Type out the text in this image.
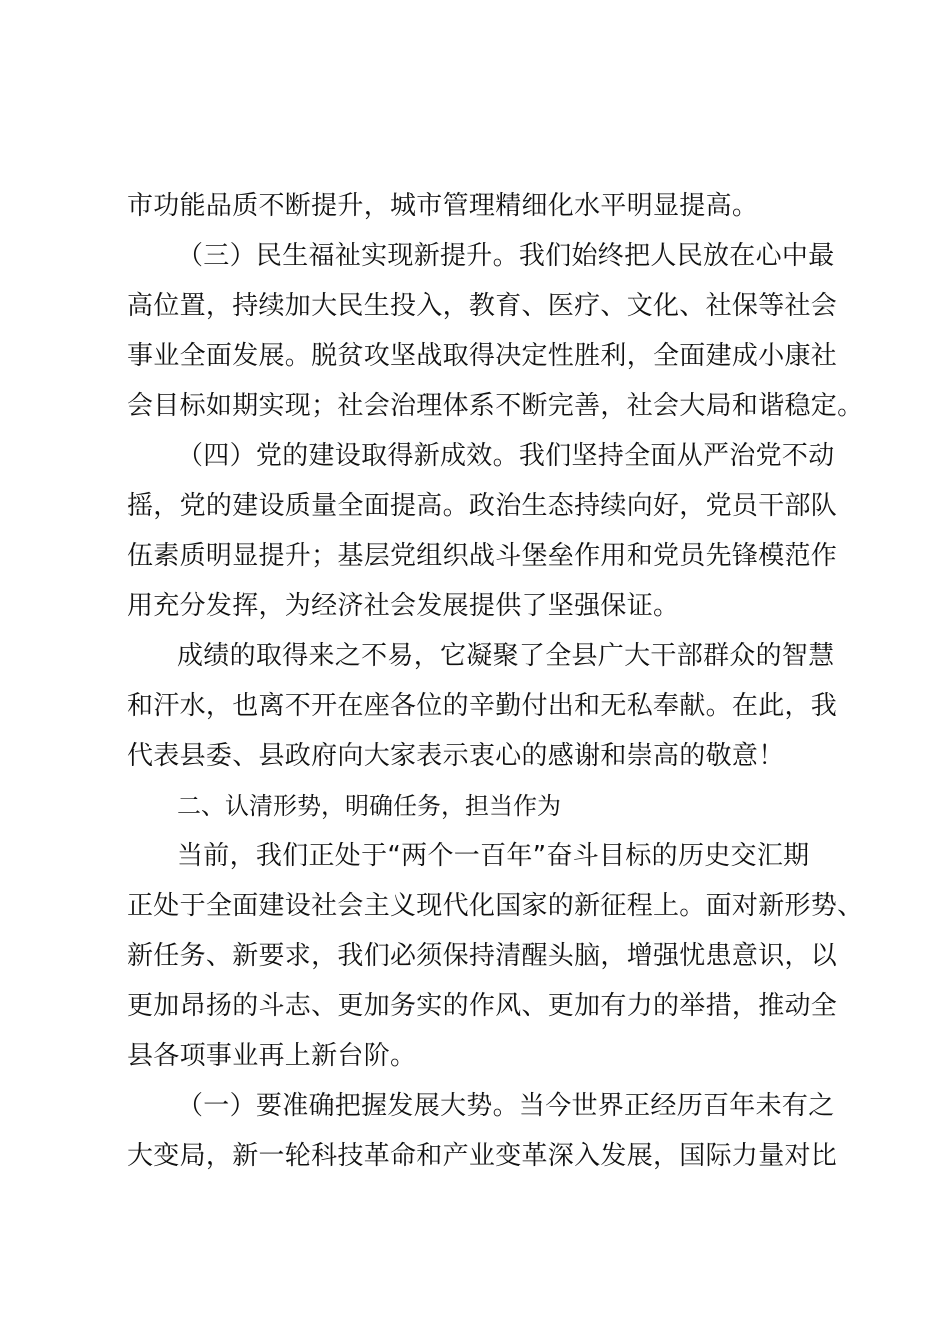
市功能品质不断提升，城市管理精细化水平明显提高。
（三）民生福祉实现新提升。我们始终把人民放在心中最
高位置，持续加大民生投入，教育、医疗、文化、社保等社会
事业全面发展。脱贫攻坚战取得决定性胜利，全面建成小康社
会目标如期实现；社会治理体系不断完善，社会大局和谐稳定。
（四）党的建设取得新成效。我们坚持全面从严治党不动
摇，党的建设质量全面提高。政治生态持续向好，党员干部队
伍素质明显提升；基层党组织战斗堡垒作用和党员先锋模范作
用充分发挥，为经济社会发展提供了坚强保证。
成绩的取得来之不易，它凝聚了全县广大干部群众的智慧
和汗水，也离不开在座各位的辛勤付出和无私奉献。在此，我
代表县委、县政府向大家表示衷心的感谢和崇高的敬意！
二、认清形势，明确任务，担当作为
当前，我们正处于“两个一百年”奋斗目标的历史交汇期
正处于全面建设社会主义现代化国家的新征程上。面对新形势、
新任务、新要求，我们必须保持清醒头脑，增强忧患意识，以
更加昂扬的斗志、更加务实的作风、更加有力的举措，推动全
县各项事业再上新台阶。
（一）要准确把握发展大势。当今世界正经历百年未有之
大变局，新一轮科技革命和产业变革深入发展，国际力量对比
